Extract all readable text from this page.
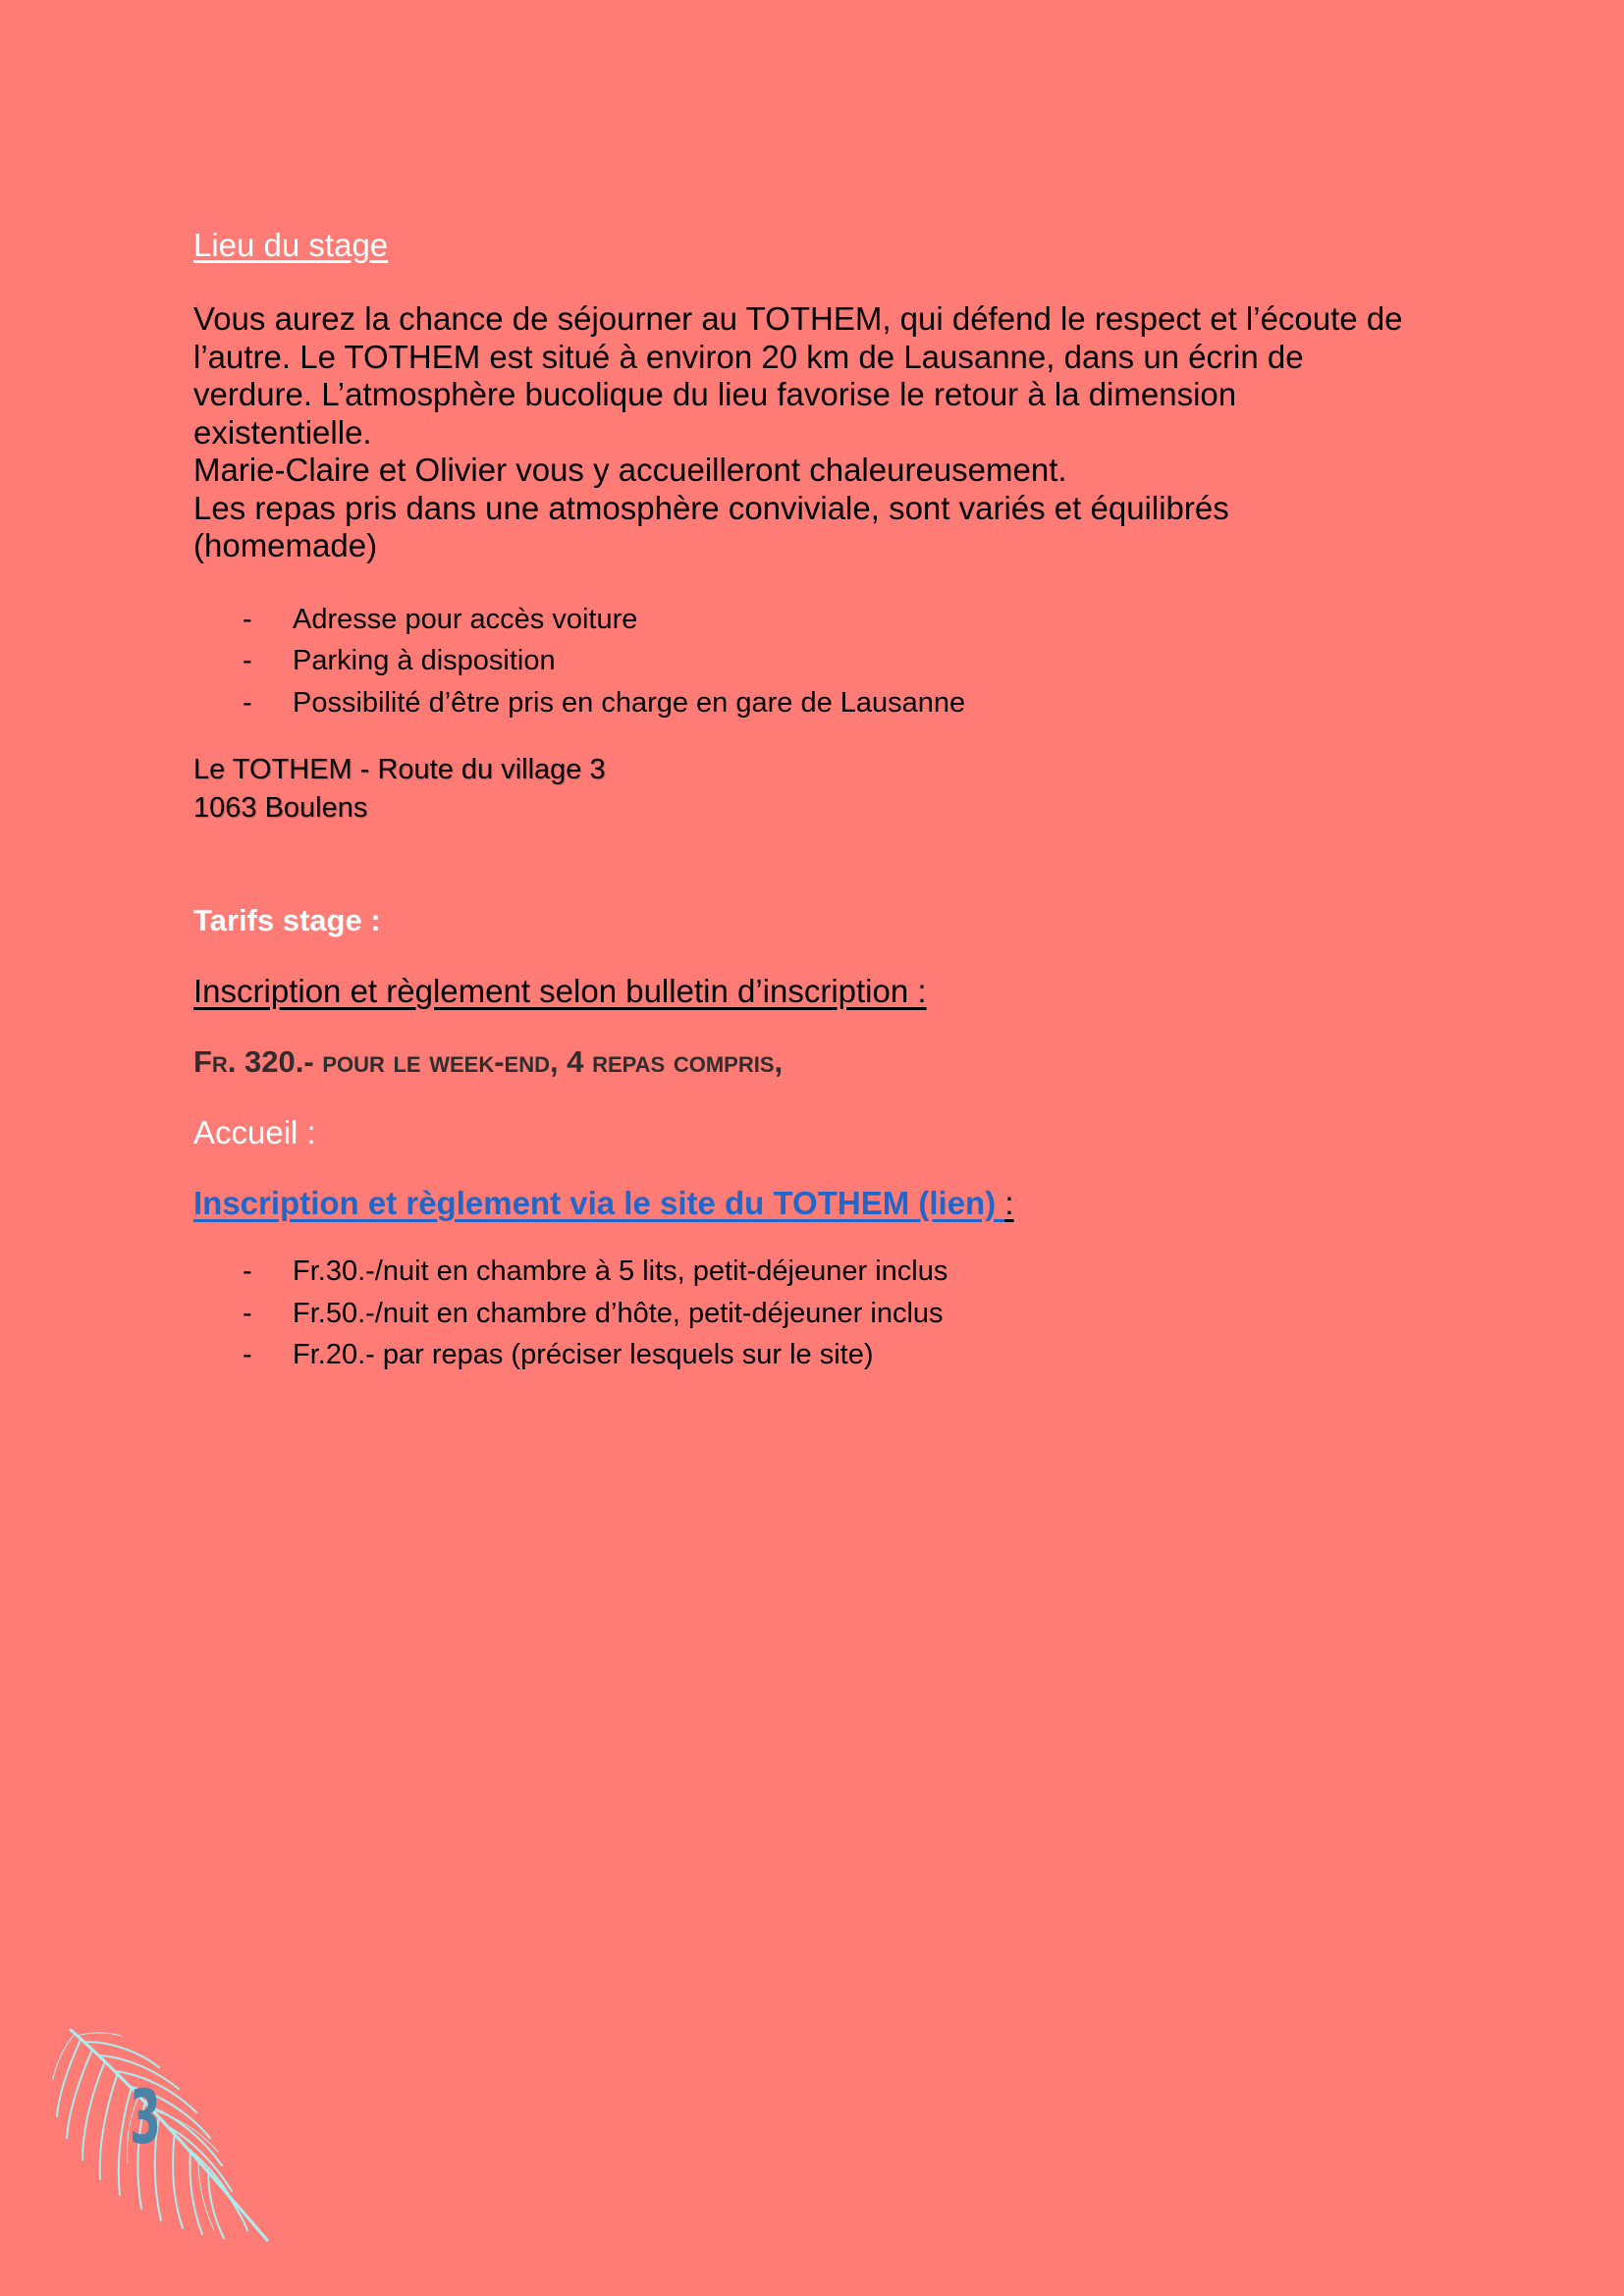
Lieu du stage

Vous aurez la chance de séjourner au TOTHEM, qui défend le respect et l’écoute de
l’autre. Le TOTHEM est situé à environ 20 km de Lausanne, dans un écrin de
verdure. L’atmosphère bucolique du lieu favorise le retour à la dimension
existentielle.
Marie-Claire et Olivier vous y accueilleront chaleureusement.
Les repas pris dans une atmosphère conviviale, sont variés et équilibrés
(homemade)

- Adresse pour accès voiture
- Parking à disposition
- Possibilité d’être pris en charge en gare de Lausanne
Le TOTHEM - Route du village 3
1063 Boulens
Tarifs stage :
Inscription et règlement selon bulletin d’inscription :
Fr. 320.- pour le week-end, 4 repas compris,
Accueil :
Inscription et règlement via le site du TOTHEM (lien) :
- Fr.30.-/nuit en chambre à 5 lits, petit-déjeuner inclus
- Fr.50.-/nuit en chambre d’hôte, petit-déjeuner inclus
- Fr.20.- par repas (préciser lesquels sur le site)
3
